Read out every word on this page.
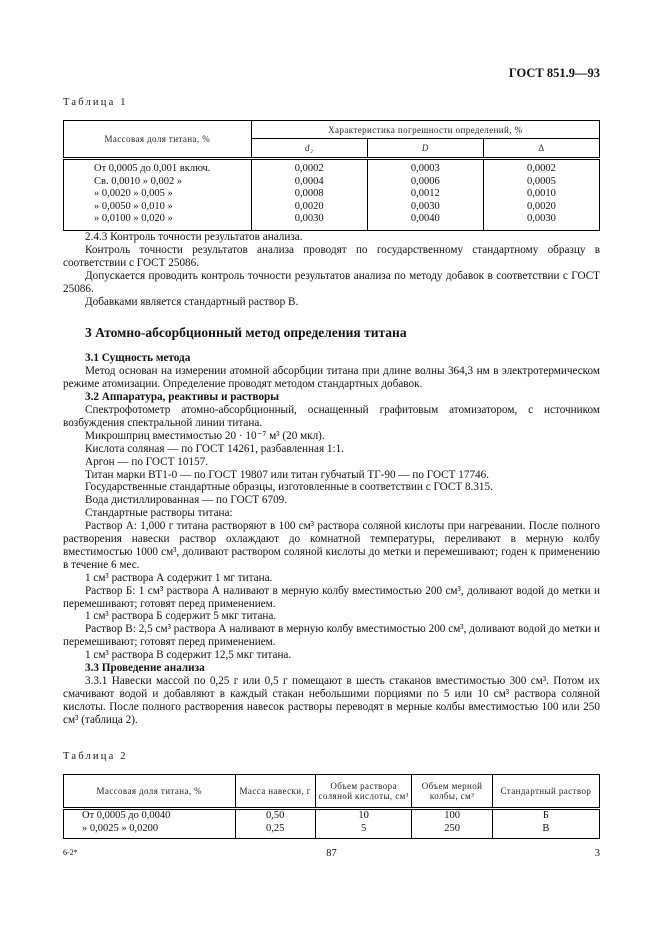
ГОСТ 851.9—93
Таблица 1
Массовая доля титана, %	Характеристика погрешности определений, %		
	d₂	D	Δ
От 0,0005 до 0,001 включ.	0,0002	0,0003	0,0002
Св. 0,0010 » 0,002 »	0,0004	0,0006	0,0005
» 0,0020 » 0,005 »	0,0008	0,0012	0,0010
» 0,0050 » 0,010 »	0,0020	0,0030	0,0020
» 0,0100 » 0,020 »	0,0030	0,0040	0,0030

2.4.3 Контроль точности результатов анализа.

Контроль точности результатов анализа проводят по государственному стандартному образцу в соответствии с ГОСТ 25086.

Допускается проводить контроль точности результатов анализа по методу добавок в соответствии с ГОСТ 25086.

Добавками является стандартный раствор В.

3 Атомно-абсорбционный метод определения титана

3.1 Сущность метода

Метод основан на измерении атомной абсорбции титана при длине волны 364,3 нм в электротермическом режиме атомизации. Определение проводят методом стандартных добавок.

3.2 Аппаратура, реактивы и растворы

Спектрофотометр атомно-абсорбционный, оснащенный графитовым атомизатором, с источником возбуждения спектральной линии титана.

Микрошприц вместимостью 20 · 10⁻⁷ м³ (20 мкл).

Кислота соляная — по ГОСТ 14261, разбавленная 1:1.

Аргон — по ГОСТ 10157.

Титан марки ВТ1-0 — по ГОСТ 19807 или титан губчатый ТГ-90 — по ГОСТ 17746.

Государственные стандартные образцы, изготовленные в соответствии с ГОСТ 8.315.

Вода дистиллированная — по ГОСТ 6709.

Стандартные растворы титана:

Раствор А: 1,000 г титана растворяют в 100 см³ раствора соляной кислоты при нагревании. После полного растворения навески раствор охлаждают до комнатной температуры, переливают в мерную колбу вместимостью 1000 см³, доливают раствором соляной кислоты до метки и перемешивают; годен к применению в течение 6 мес.

1 см³ раствора А содержит 1 мг титана.

Раствор Б: 1 см³ раствора А наливают в мерную колбу вместимостью 200 см³, доливают водой до метки и перемешивают; готовят перед применением.

1 см³ раствора Б содержит 5 мкг титана.

Раствор В: 2,5 см³ раствора А наливают в мерную колбу вместимостью 200 см³, доливают водой до метки и перемешивают; готовят перед применением.

1 см³ раствора В содержит 12,5 мкг титана.

3.3 Проведение анализа

3.3.1 Навески массой по 0,25 г или 0,5 г помещают в шесть стаканов вместимостью 300 см³. Потом их смачивают водой и добавляют в каждый стакан небольшими порциями по 5 или 10 см³ раствора соляной кислоты. После полного растворения навесок растворы переводят в мерные колбы вместимостью 100 или 250 см³ (таблица 2).

Таблица 2
Массовая доля титана, %	Масса навески, г	Объем раствора соляной кислоты, см³	Объем мерной колбы, см³	Стандартный раствор
От 0,0005 до 0,0040	0,50	10	100	Б
» 0,0025 » 0,0200	0,25	5	250	В
6-2*	87	3
